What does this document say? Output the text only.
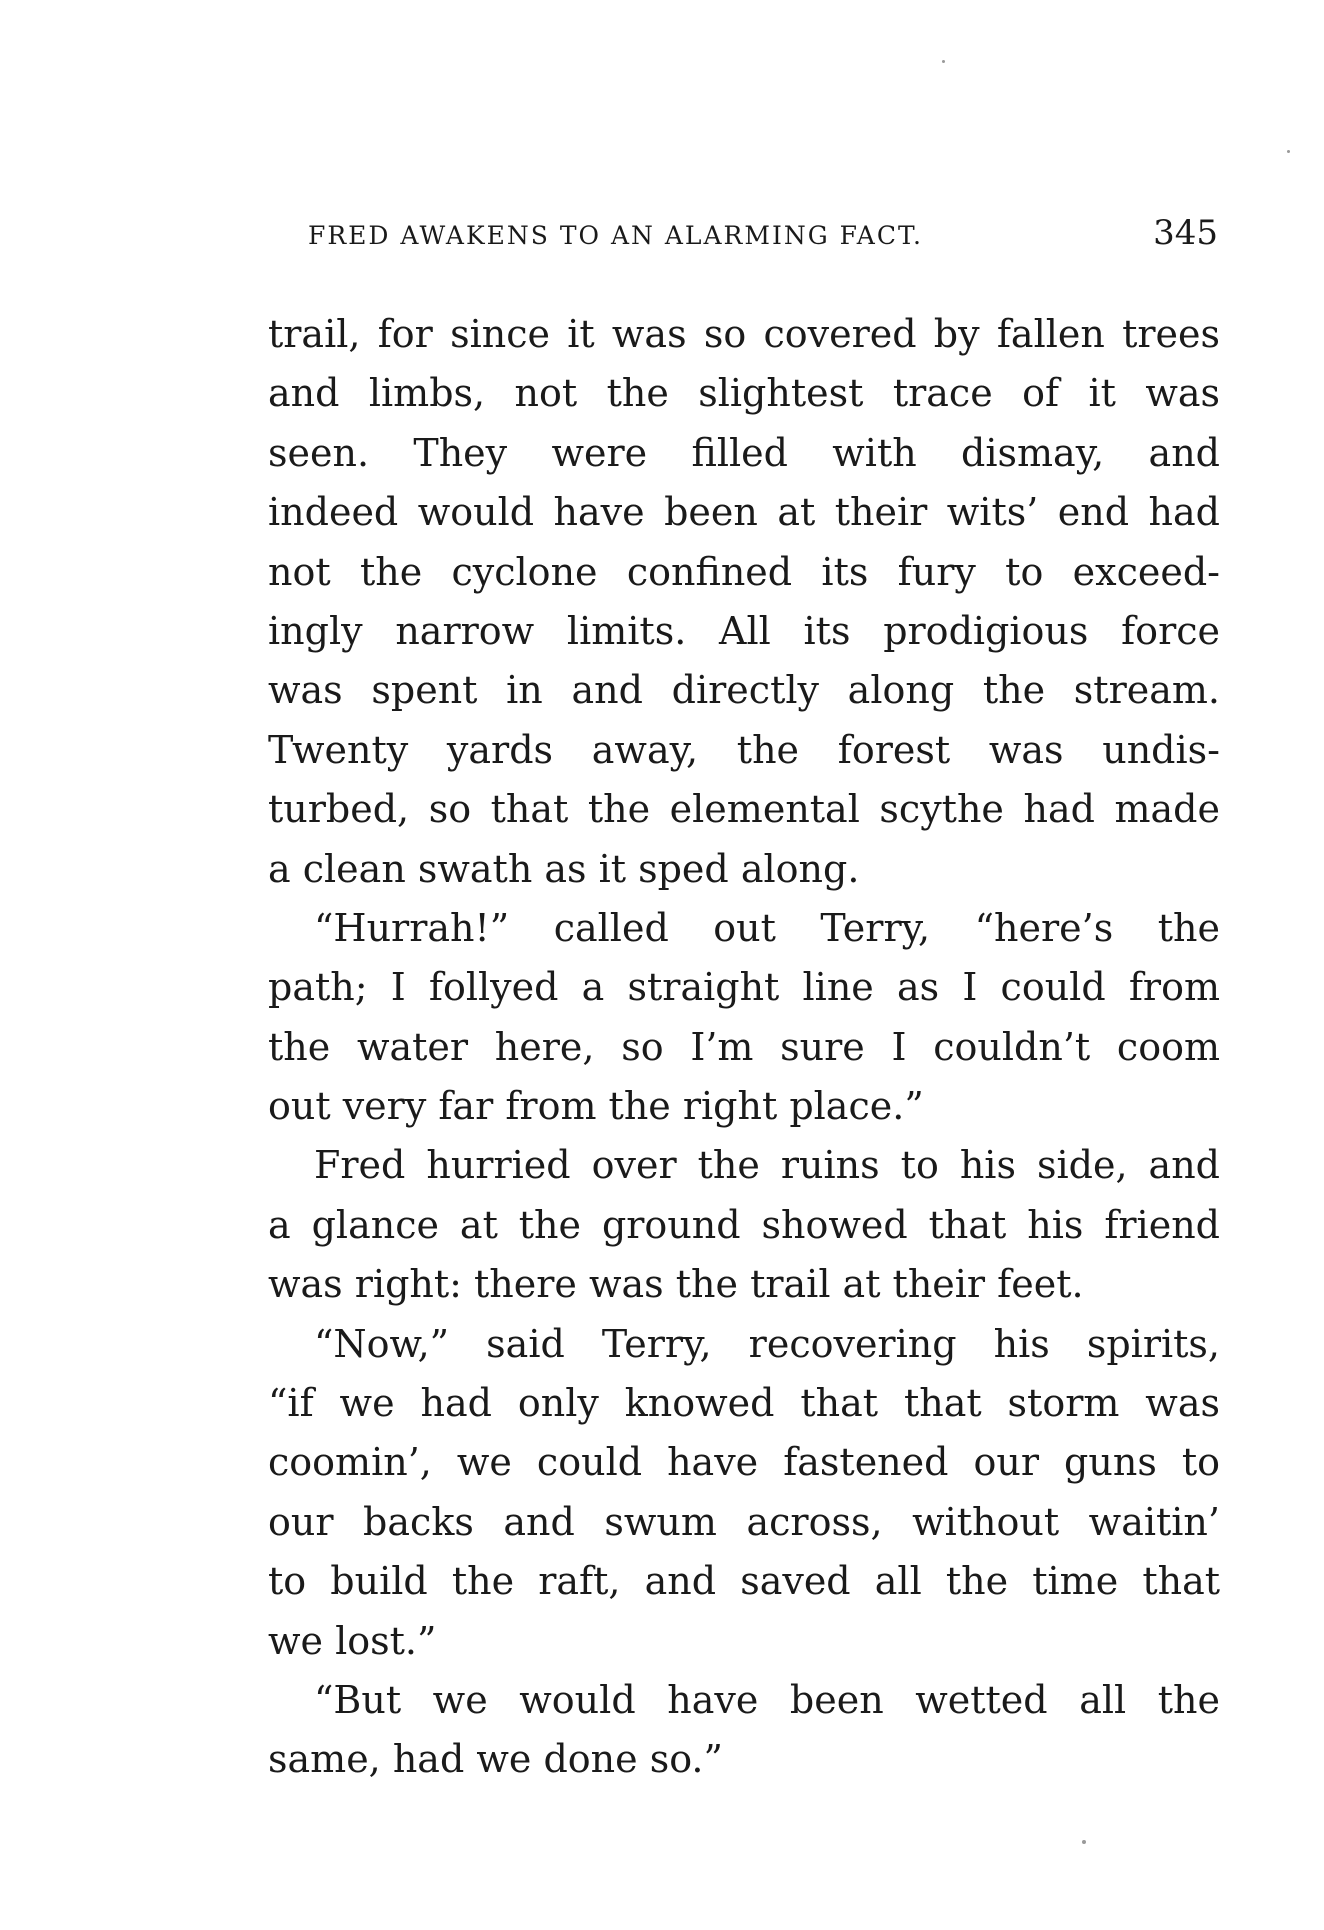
FRED AWAKENS TO AN ALARMING FACT.	345
trail, for since it was so covered by fallen trees
and limbs, not the slightest trace of it was
seen. They were filled with dismay, and
indeed would have been at their wits’ end had
not the cyclone confined its fury to exceed-
ingly narrow limits. All its prodigious force
was spent in and directly along the stream.
Twenty yards away, the forest was undis-
turbed, so that the elemental scythe had made
a clean swath as it sped along.
“Hurrah!” called out Terry, “here’s the
path; I follyed a straight line as I could from
the water here, so I’m sure I couldn’t coom
out very far from the right place.”
Fred hurried over the ruins to his side, and
a glance at the ground showed that his friend
was right: there was the trail at their feet.
“Now,” said Terry, recovering his spirits,
“if we had only knowed that that storm was
coomin’, we could have fastened our guns to
our backs and swum across, without waitin’
to build the raft, and saved all the time that
we lost.”
“But we would have been wetted all the
same, had we done so.”
